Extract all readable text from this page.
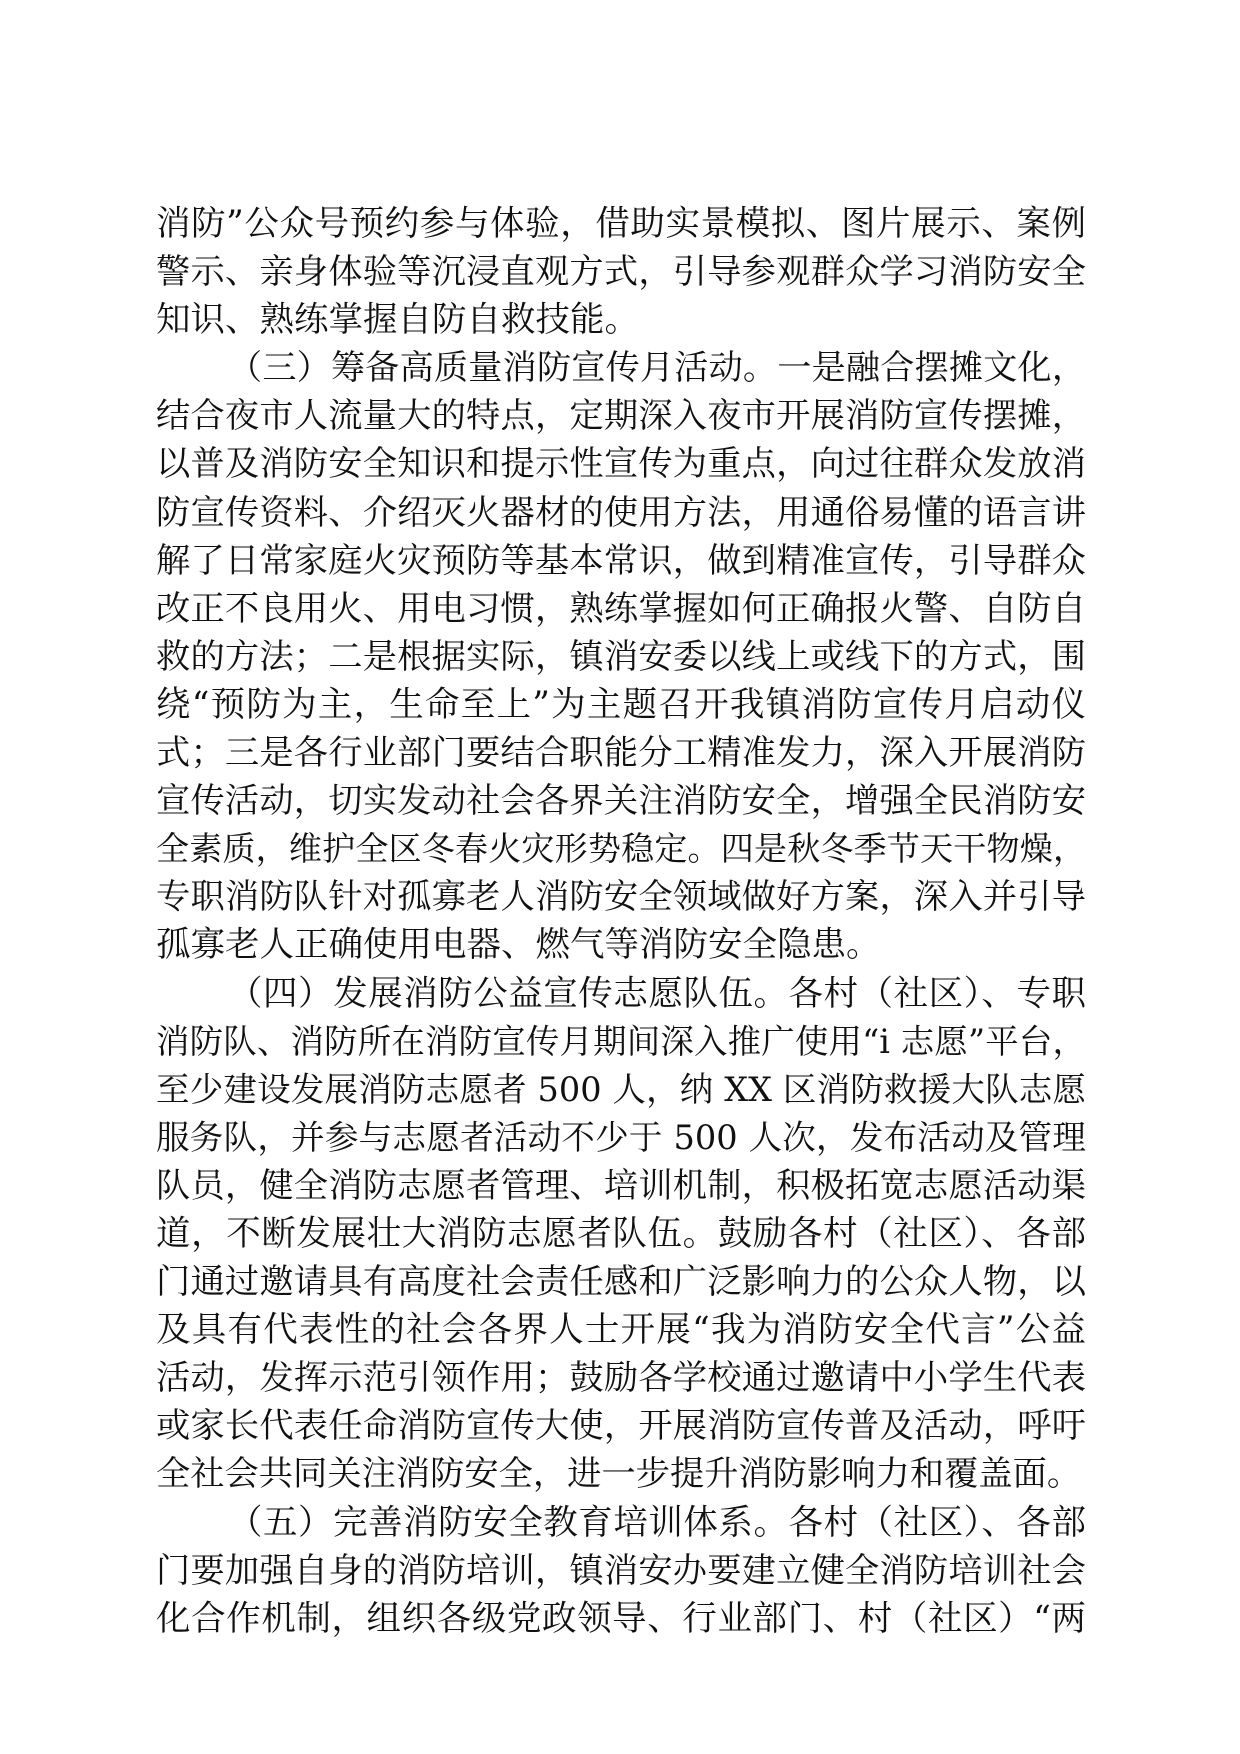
消防”公众号预约参与体验，借助实景模拟、图片展示、案例
警示、亲身体验等沉浸直观方式，引导参观群众学习消防安全
知识、熟练掌握自防自救技能。
（三）筹备高质量消防宣传月活动。一是融合摆摊文化，
结合夜市人流量大的特点，定期深入夜市开展消防宣传摆摊，
以普及消防安全知识和提示性宣传为重点，向过往群众发放消
防宣传资料、介绍灭火器材的使用方法，用通俗易懂的语言讲
解了日常家庭火灾预防等基本常识，做到精准宣传，引导群众
改正不良用火、用电习惯，熟练掌握如何正确报火警、自防自
救的方法；二是根据实际，镇消安委以线上或线下的方式，围
绕“预防为主，生命至上”为主题召开我镇消防宣传月启动仪
式；三是各行业部门要结合职能分工精准发力，深入开展消防
宣传活动，切实发动社会各界关注消防安全，增强全民消防安
全素质，维护全区冬春火灾形势稳定。四是秋冬季节天干物燥，
专职消防队针对孤寡老人消防安全领域做好方案，深入并引导
孤寡老人正确使用电器、燃气等消防安全隐患。
（四）发展消防公益宣传志愿队伍。各村（社区）、专职
消防队、消防所在消防宣传月期间深入推广使用“i 志愿”平台，
至少建设发展消防志愿者 500 人，纳 XX 区消防救援大队志愿
服务队，并参与志愿者活动不少于 500 人次，发布活动及管理
队员，健全消防志愿者管理、培训机制，积极拓宽志愿活动渠
道，不断发展壮大消防志愿者队伍。鼓励各村（社区）、各部
门通过邀请具有高度社会责任感和广泛影响力的公众人物，以
及具有代表性的社会各界人士开展“我为消防安全代言”公益
活动，发挥示范引领作用；鼓励各学校通过邀请中小学生代表
或家长代表任命消防宣传大使，开展消防宣传普及活动，呼吁
全社会共同关注消防安全，进一步提升消防影响力和覆盖面。
（五）完善消防安全教育培训体系。各村（社区）、各部
门要加强自身的消防培训，镇消安办要建立健全消防培训社会
化合作机制，组织各级党政领导、行业部门、村（社区）“两
